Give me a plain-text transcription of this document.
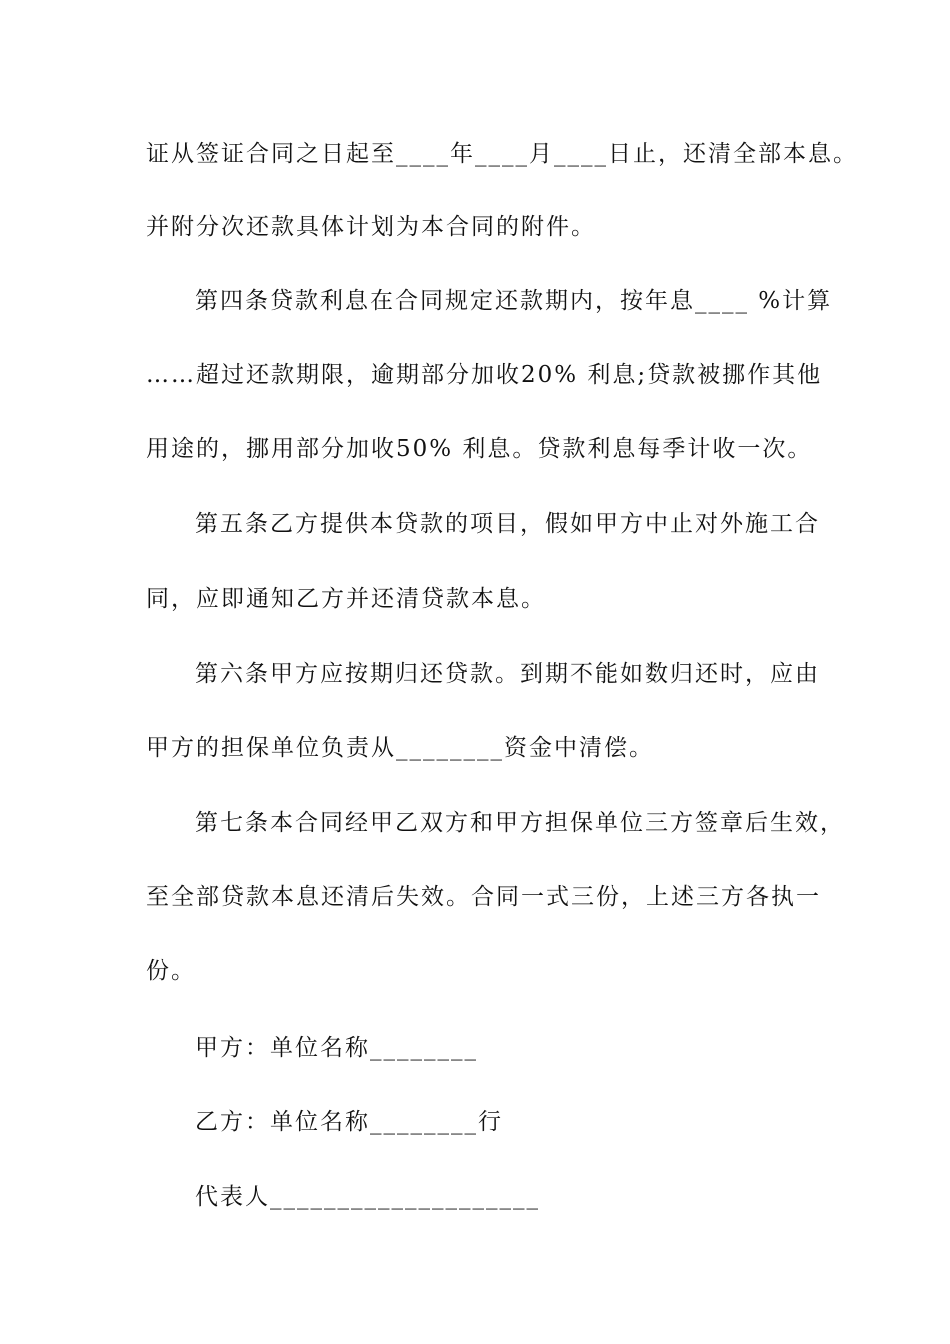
证从签证合同之日起至____年____月____日止，还清全部本息。
并附分次还款具体计划为本合同的附件。
第四条贷款利息在合同规定还款期内，按年息____ %计算
……超过还款期限，逾期部分加收20% 利息;贷款被挪作其他
用途的，挪用部分加收50% 利息。贷款利息每季计收一次。
第五条乙方提供本贷款的项目，假如甲方中止对外施工合
同，应即通知乙方并还清贷款本息。
第六条甲方应按期归还贷款。到期不能如数归还时，应由
甲方的担保单位负责从________资金中清偿。
第七条本合同经甲乙双方和甲方担保单位三方签章后生效，
至全部贷款本息还清后失效。合同一式三份，上述三方各执一
份。
甲方：单位名称________
乙方：单位名称________行
代表人____________________
